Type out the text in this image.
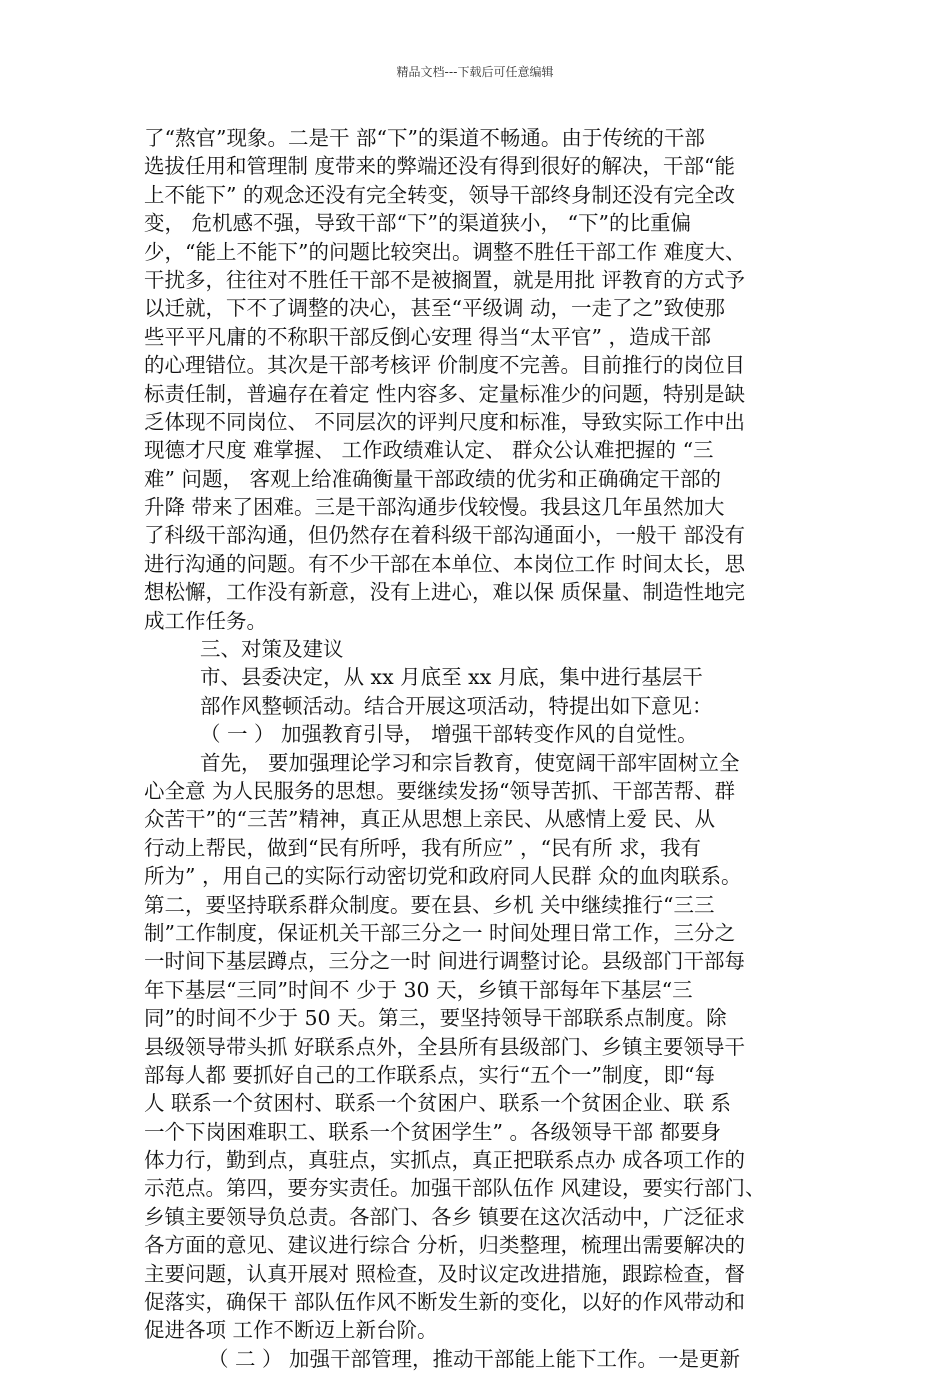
精品文档---下载后可任意编辑
了“熬官”现象。二是干 部“下”的渠道不畅通。由于传统的干部
选拔任用和管理制 度带来的弊端还没有得到很好的解决，干部“能
上不能下” 的观念还没有完全转变，领导干部终身制还没有完全改
变， 危机感不强，导致干部“下”的渠道狭小， “下”的比重偏
少，“能上不能下”的问题比较突出。调整不胜任干部工作 难度大、
干扰多，往往对不胜任干部不是被搁置，就是用批 评教育的方式予
以迁就，下不了调整的决心，甚至“平级调 动，一走了之”致使那
些平平凡庸的不称职干部反倒心安理 得当“太平官” ，造成干部
的心理错位。其次是干部考核评 价制度不完善。目前推行的岗位目
标责任制，普遍存在着定 性内容多、定量标准少的问题，特别是缺
乏体现不同岗位、 不同层次的评判尺度和标准，导致实际工作中出
现德才尺度 难掌握、 工作政绩难认定、 群众公认难把握的 “三
难” 问题， 客观上给准确衡量干部政绩的优劣和正确确定干部的
升降 带来了困难。三是干部沟通步伐较慢。我县这几年虽然加大
了科级干部沟通，但仍然存在着科级干部沟通面小，一般干 部没有
进行沟通的问题。有不少干部在本单位、本岗位工作 时间太长，思
想松懈，工作没有新意，没有上进心，难以保 质保量、制造性地完
成工作任务。
三、对策及建议
市、县委决定，从 xx 月底至 xx 月底，集中进行基层干
部作风整顿活动。结合开展这项活动，特提出如下意见：
（ 一 ） 加强教育引导， 增强干部转变作风的自觉性。
首先， 要加强理论学习和宗旨教育，使宽阔干部牢固树立全
心全意 为人民服务的思想。要继续发扬“领导苦抓、干部苦帮、群
众苦干”的“三苦”精神，真正从思想上亲民、从感情上爱 民、从
行动上帮民，做到“民有所呼，我有所应” ，“民有所 求，我有
所为” ，用自己的实际行动密切党和政府同人民群 众的血肉联系。
第二，要坚持联系群众制度。要在县、乡机 关中继续推行“三三
制”工作制度，保证机关干部三分之一 时间处理日常工作，三分之
一时间下基层蹲点，三分之一时 间进行调整讨论。县级部门干部每
年下基层“三同”时间不 少于 30 天，乡镇干部每年下基层“三
同”的时间不少于 50 天。第三，要坚持领导干部联系点制度。除
县级领导带头抓 好联系点外，全县所有县级部门、乡镇主要领导干
部每人都 要抓好自己的工作联系点，实行“五个一”制度，即“每
人 联系一个贫困村、联系一个贫困户、联系一个贫困企业、联 系
一个下岗困难职工、联系一个贫困学生” 。各级领导干部 都要身
体力行，勤到点，真驻点，实抓点，真正把联系点办 成各项工作的
示范点。第四，要夯实责任。加强干部队伍作 风建设，要实行部门、
乡镇主要领导负总责。各部门、各乡 镇要在这次活动中，广泛征求
各方面的意见、建议进行综合 分析，归类整理，梳理出需要解决的
主要问题，认真开展对 照检查，及时议定改进措施，跟踪检查，督
促落实，确保干 部队伍作风不断发生新的变化，以好的作风带动和
促进各项 工作不断迈上新台阶。
（ 二 ） 加强干部管理，推动干部能上能下工作。一是更新
